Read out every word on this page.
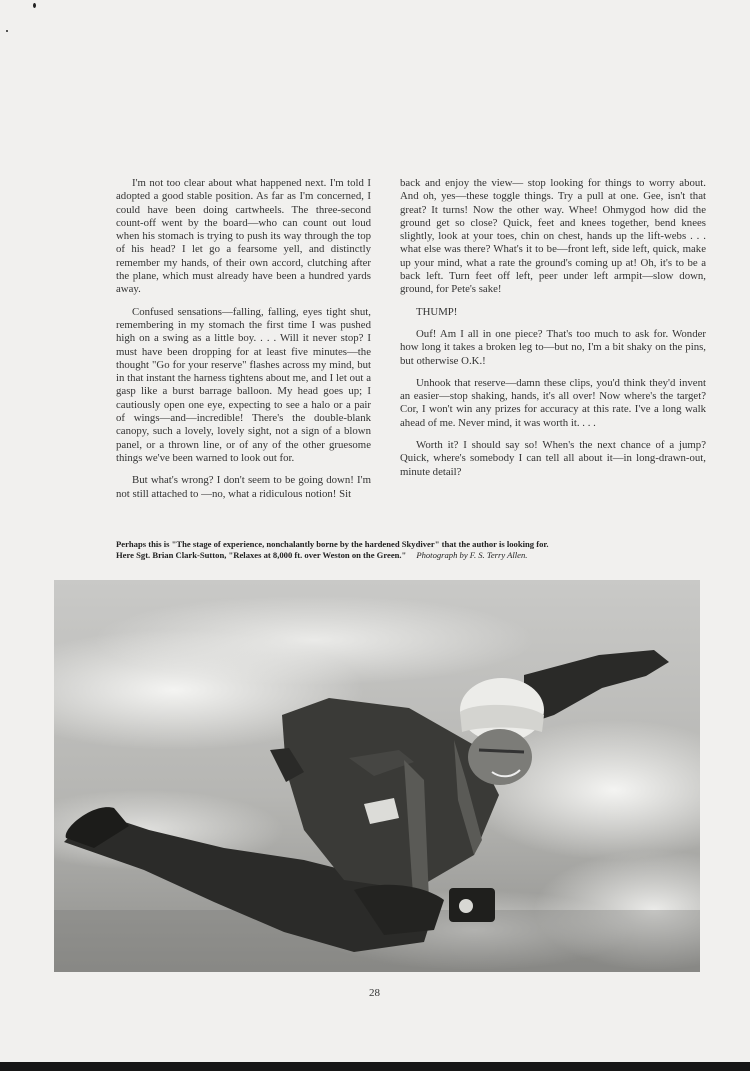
I'm not too clear about what happened next. I'm told I adopted a good stable position. As far as I'm concerned, I could have been doing cartwheels. The three-second count-off went by the board—who can count out loud when his stomach is trying to push its way through the top of his head? I let go a fearsome yell, and distinctly remember my hands, of their own accord, clutching after the plane, which must already have been a hundred yards away.

Confused sensations—falling, falling, eyes tight shut, remembering in my stomach the first time I was pushed high on a swing as a little boy. . . . Will it never stop? I must have been dropping for at least five minutes—the thought "Go for your reserve" flashes across my mind, but in that instant the harness tightens about me, and I let out a gasp like a burst barrage balloon. My head goes up; I cautiously open one eye, expecting to see a halo or a pair of wings—and—incredible! There's the double-blank canopy, such a lovely, lovely sight, not a sign of a blown panel, or a thrown line, or of any of the other gruesome things we've been warned to look out for.

But what's wrong? I don't seem to be going down! I'm not still attached to —no, what a ridiculous notion! Sit

back and enjoy the view— stop looking for things to worry about. And oh, yes—these toggle things. Try a pull at one. Gee, isn't that great? It turns! Now the other way. Whee! Ohmygod how did the ground get so close? Quick, feet and knees together, bend knees slightly, look at your toes, chin on chest, hands up the lift-webs . . . what else was there? What's it to be—front left, side left, quick, make up your mind, what a rate the ground's coming up at! Oh, it's to be a back left. Turn feet off left, peer under left armpit—slow down, ground, for Pete's sake!

THUMP!

Ouf! Am I all in one piece? That's too much to ask for. Wonder how long it takes a broken leg to—but no, I'm a bit shaky on the pins, but otherwise O.K.!

Unhook that reserve—damn these clips, you'd think they'd invent an easier—stop shaking, hands, it's all over! Now where's the target? Cor, I won't win any prizes for accuracy at this rate. I've a long walk ahead of me. Never mind, it was worth it. . . .

Worth it? I should say so! When's the next chance of a jump? Quick, where's somebody I can tell all about it—in long-drawn-out, minute detail?

Perhaps this is "The stage of experience, nonchalantly borne by the hardened Skydiver" that the author is looking for.
Here Sgt. Brian Clark-Sutton, "Relaxes at 8,000 ft. over Weston on the Green." Photograph by F. S. Terry Allen.
28
